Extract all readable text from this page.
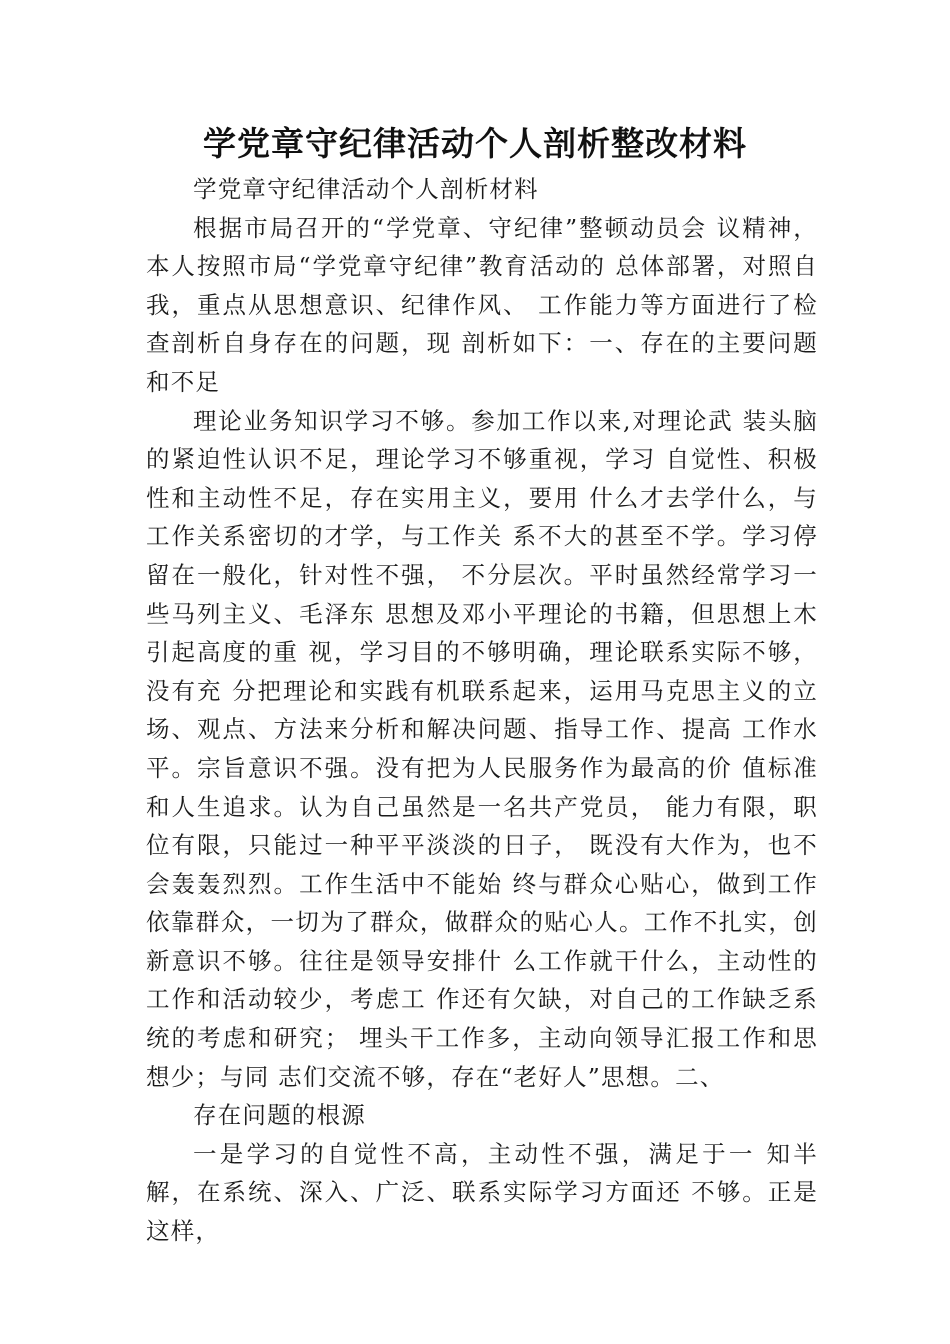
学党章守纪律活动个人剖析整改材料

学党章守纪律活动个人剖析材料

根据市局召开的“学党章、守纪律”整顿动员会 议精神，本人按照市局“学党章守纪律”教育活动的 总体部署，对照自我，重点从思想意识、纪律作风、 工作能力等方面进行了检查剖析自身存在的问题，现 剖析如下：一、存在的主要问题和不足

理论业务知识学习不够。参加工作以来,对理论武 装头脑的紧迫性认识不足，理论学习不够重视，学习 自觉性、积极性和主动性不足，存在实用主义，要用 什么才去学什么，与工作关系密切的才学，与工作关 系不大的甚至不学。学习停留在一般化，针对性不强， 不分层次。平时虽然经常学习一些马列主义、毛泽东 思想及邓小平理论的书籍，但思想上木引起高度的重 视，学习目的不够明确，理论联系实际不够，没有充 分把理论和实践有机联系起来，运用马克思主义的立 场、观点、方法来分析和解决问题、指导工作、提高 工作水平。宗旨意识不强。没有把为人民服务作为最高的价 值标准和人生追求。认为自己虽然是一名共产党员， 能力有限，职位有限，只能过一种平平淡淡的日子， 既没有大作为，也不会轰轰烈烈。工作生活中不能始 终与群众心贴心，做到工作依靠群众，一切为了群众，做群众的贴心人。工作不扎实，创新意识不够。往往是领导安排什 么工作就干什么，主动性的工作和活动较少，考虑工 作还有欠缺，对自己的工作缺乏系统的考虑和研究； 埋头干工作多，主动向领导汇报工作和思想少；与同 志们交流不够，存在“老好人”思想。二、

存在问题的根源

一是学习的自觉性不高，主动性不强，满足于一 知半解，在系统、深入、广泛、联系实际学习方面还 不够。正是这样，
